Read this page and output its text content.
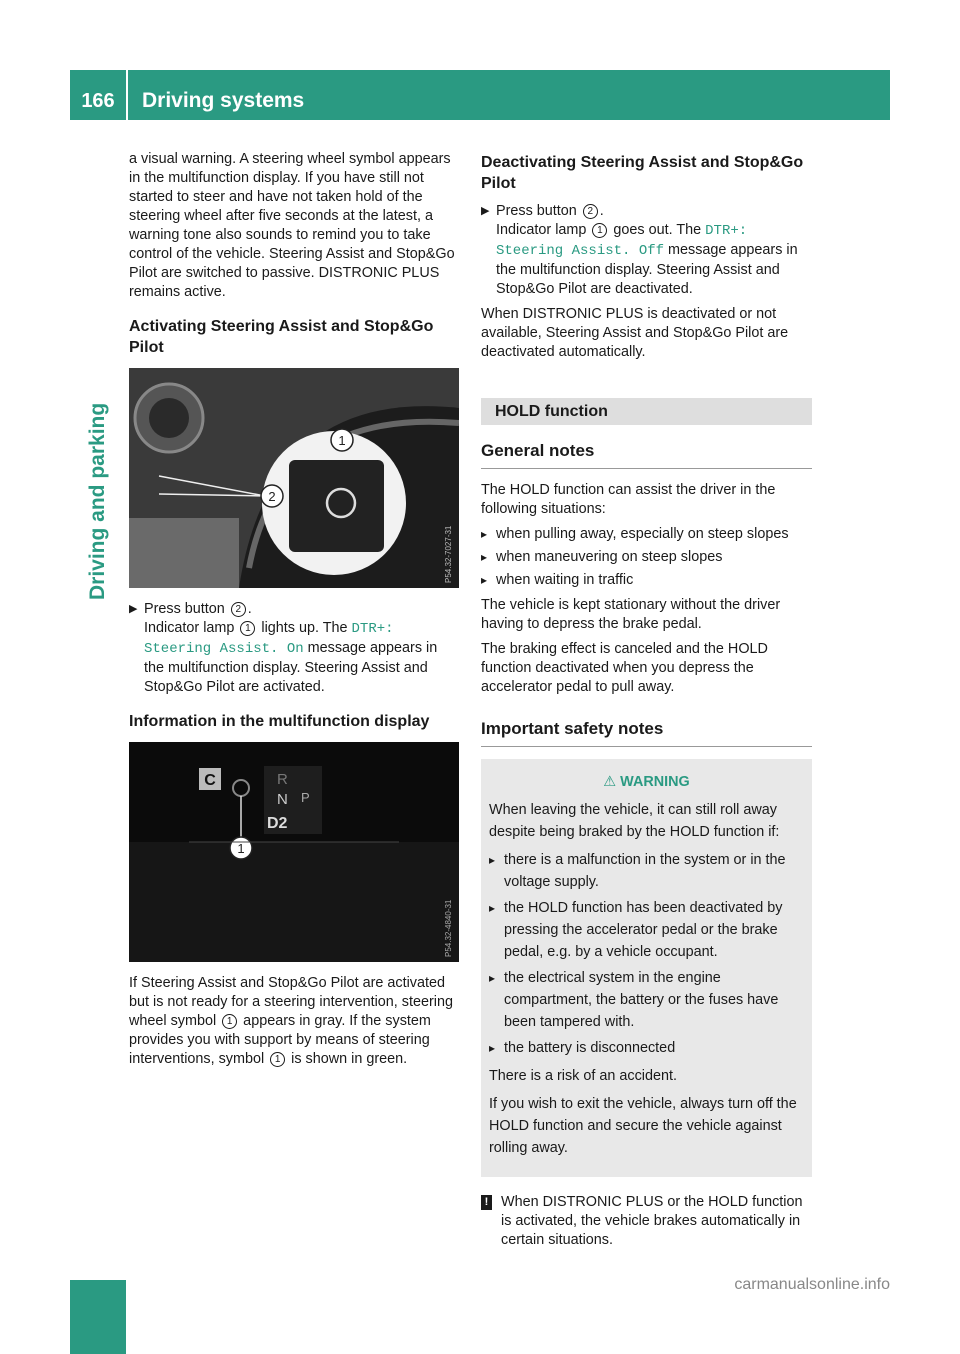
166	Driving systems
Driving and parking

a visual warning. A steering wheel symbol appears in the multifunction display. If you have still not started to steer and have not taken hold of the steering wheel after five seconds at the latest, a warning tone also sounds to remind you to take control of the vehicle. Steering Assist and Stop&Go Pilot are switched to passive. DISTRONIC PLUS remains active.

Activating Steering Assist and Stop&Go Pilot
1
2
P54.32-7027-31
▶ Press button 2 .
Indicator lamp 1 lights up. The DTR+: Steering Assist. On message appears in the multifunction display. Steering Assist and Stop&Go Pilot are activated.
Information in the multifunction display
C	R
N P
D2
1
P54.32-4840-31

If Steering Assist and Stop&Go Pilot are activated but is not ready for a steering intervention, steering wheel symbol 1 appears in gray. If the system provides you with support by means of steering interventions, symbol 1 is shown in green.

Deactivating Steering Assist and Stop&Go Pilot
▶ Press button 2 .
Indicator lamp 1 goes out. The DTR+: Steering Assist. Off message appears in the multifunction display. Steering Assist and Stop&Go Pilot are deactivated.

When DISTRONIC PLUS is deactivated or not available, Steering Assist and Stop&Go Pilot are deactivated automatically.

HOLD function
General notes

The HOLD function can assist the driver in the following situations:

▸ when pulling away, especially on steep slopes
▸ when maneuvering on steep slopes
▸ when waiting in traffic

The vehicle is kept stationary without the driver having to depress the brake pedal.

The braking effect is canceled and the HOLD function deactivated when you depress the accelerator pedal to pull away.

Important safety notes
⚠ WARNING

When leaving the vehicle, it can still roll away despite being braked by the HOLD function if:

▸ there is a malfunction in the system or in the voltage supply.
▸ the HOLD function has been deactivated by pressing the accelerator pedal or the brake pedal, e.g. by a vehicle occupant.
▸ the electrical system in the engine compartment, the battery or the fuses have been tampered with.
▸ the battery is disconnected

There is a risk of an accident.

If you wish to exit the vehicle, always turn off the HOLD function and secure the vehicle against rolling away.

! When DISTRONIC PLUS or the HOLD function is activated, the vehicle brakes automatically in certain situations.
carmanualsonline.info
